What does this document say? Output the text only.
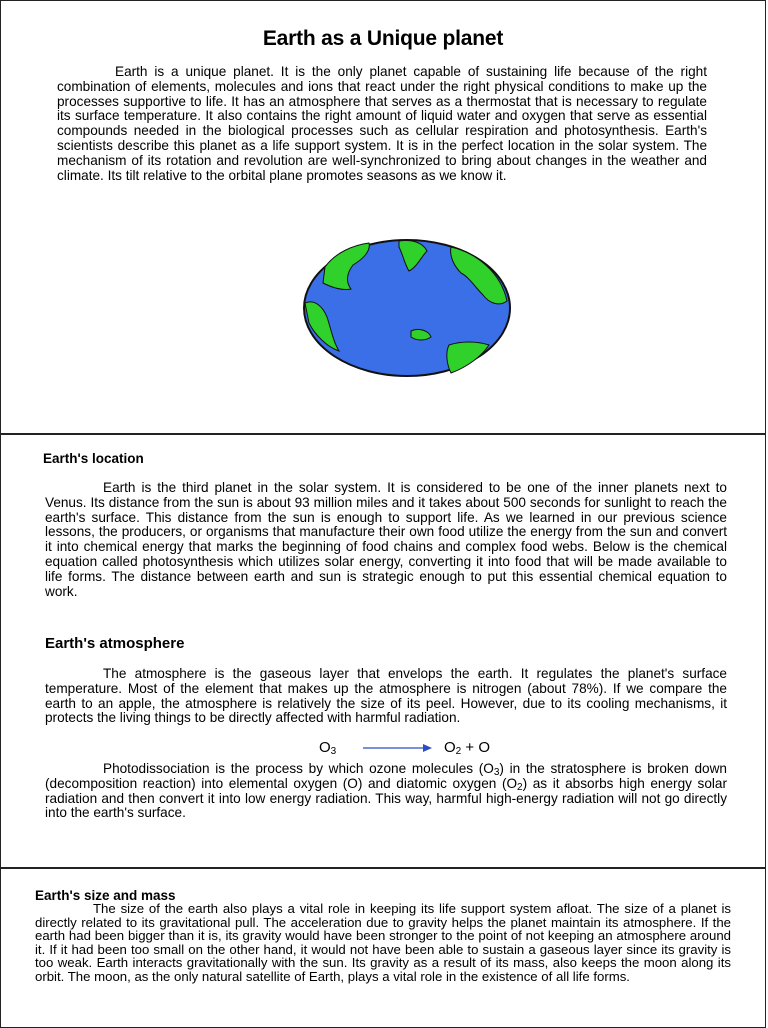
Earth as a Unique planet

Earth is a unique planet. It is the only planet capable of sustaining life because of the right combination of elements, molecules and ions that react under the right physical conditions to make up the processes supportive to life. It has an atmosphere that serves as a thermostat that is necessary to regulate its surface temperature. It also contains the right amount of liquid water and oxygen that serve as essential compounds needed in the biological processes such as cellular respiration and photosynthesis. Earth's scientists describe this planet as a life support system. It is in the perfect location in the solar system. The mechanism of its rotation and revolution are well-synchronized to bring about changes in the weather and climate. Its tilt relative to the orbital plane promotes seasons as we know it.

Earth's location

Earth is the third planet in the solar system. It is considered to be one of the inner planets next to Venus. Its distance from the sun is about 93 million miles and it takes about 500 seconds for sunlight to reach the earth's surface. This distance from the sun is enough to support life. As we learned in our previous science lessons, the producers, or organisms that manufacture their own food utilize the energy from the sun and convert it into chemical energy that marks the beginning of food chains and complex food webs. Below is the chemical equation called photosynthesis which utilizes solar energy, converting it into food that will be made available to life forms. The distance between earth and sun is strategic enough to put this essential chemical equation to work.

Earth's atmosphere

The atmosphere is the gaseous layer that envelops the earth. It regulates the planet's surface temperature. Most of the element that makes up the atmosphere is nitrogen (about 78%). If we compare the earth to an apple, the atmosphere is relatively the size of its peel. However, due to its cooling mechanisms, it protects the living things to be directly affected with harmful radiation.

$O_3$	$O_2 + O$

Photodissociation is the process by which ozone molecules $(O_3)$ in the stratosphere is broken down (decomposition reaction) into elemental oxygen (O) and diatomic oxygen $(O_2)$ as it absorbs high energy solar radiation and then convert it into low energy radiation. This way, harmful high-energy radiation will not go directly into the earth's surface.

Earth's size and mass

The size of the earth also plays a vital role in keeping its life support system afloat. The size of a planet is directly related to its gravitational pull. The acceleration due to gravity helps the planet maintain its atmosphere. If the earth had been bigger than it is, its gravity would have been stronger to the point of not keeping an atmosphere around it. If it had been too small on the other hand, it would not have been able to sustain a gaseous layer since its gravity is too weak. Earth interacts gravitationally with the sun. Its gravity as a result of its mass, also keeps the moon along its orbit. The moon, as the only natural satellite of Earth, plays a vital role in the existence of all life forms.
